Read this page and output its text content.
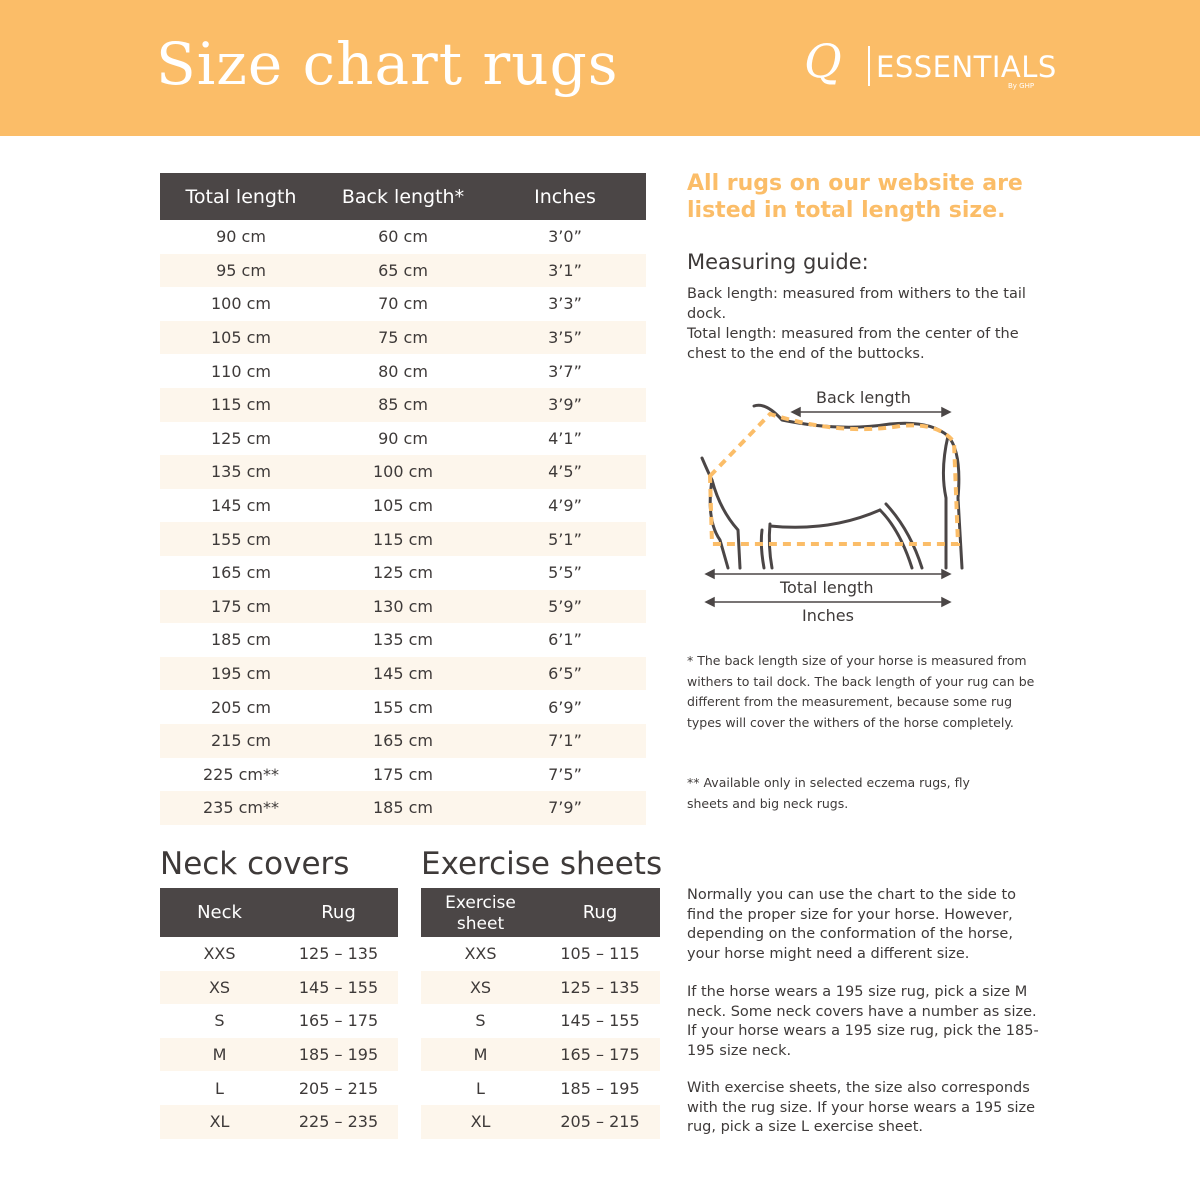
Size chart rugs	Q ESSENTIALS
By GHP
Total length	Back length*	Inches
90 cm	60 cm	3’0”
95 cm	65 cm	3’1”
100 cm	70 cm	3’3”
105 cm	75 cm	3’5”
110 cm	80 cm	3’7”
115 cm	85 cm	3’9”
125 cm	90 cm	4’1”
135 cm	100 cm	4’5”
145 cm	105 cm	4’9”
155 cm	115 cm	5’1”
165 cm	125 cm	5’5”
175 cm	130 cm	5’9”
185 cm	135 cm	6’1”
195 cm	145 cm	6’5”
205 cm	155 cm	6’9”
215 cm	165 cm	7’1”
225 cm**	175 cm	7’5”
235 cm**	185 cm	7’9”
Neck covers
Neck	Rug
XXS	125 – 135
XS	145 – 155
S	165 – 175
M	185 – 195
L	205 – 215
XL	225 – 235
Exercise sheets
Exercise
sheet	Rug
XXS	105 – 115
XS	125 – 135
S	145 – 155
M	165 – 175
L	185 – 195
XL	205 – 215
All rugs on our website are listed in total length size.
Measuring guide:
Back length: measured from withers to the tail dock.
Total length: measured from the center of the chest to the end of the buttocks.
Back length
Total length
Inches
* The back length size of your horse is measured from withers to tail dock. The back length of your rug can be different from the measurement, because some rug types will cover the withers of the horse completely.
** Available only in selected eczema rugs, fly sheets and big neck rugs.
Normally you can use the chart to the side to find the proper size for your horse. However, depending on the conformation of the horse, your horse might need a different size.
If the horse wears a 195 size rug, pick a size M neck. Some neck covers have a number as size. If your horse wears a 195 size rug, pick the 185-195 size neck.
With exercise sheets, the size also corresponds with the rug size. If your horse wears a 195 size rug, pick a size L exercise sheet.
